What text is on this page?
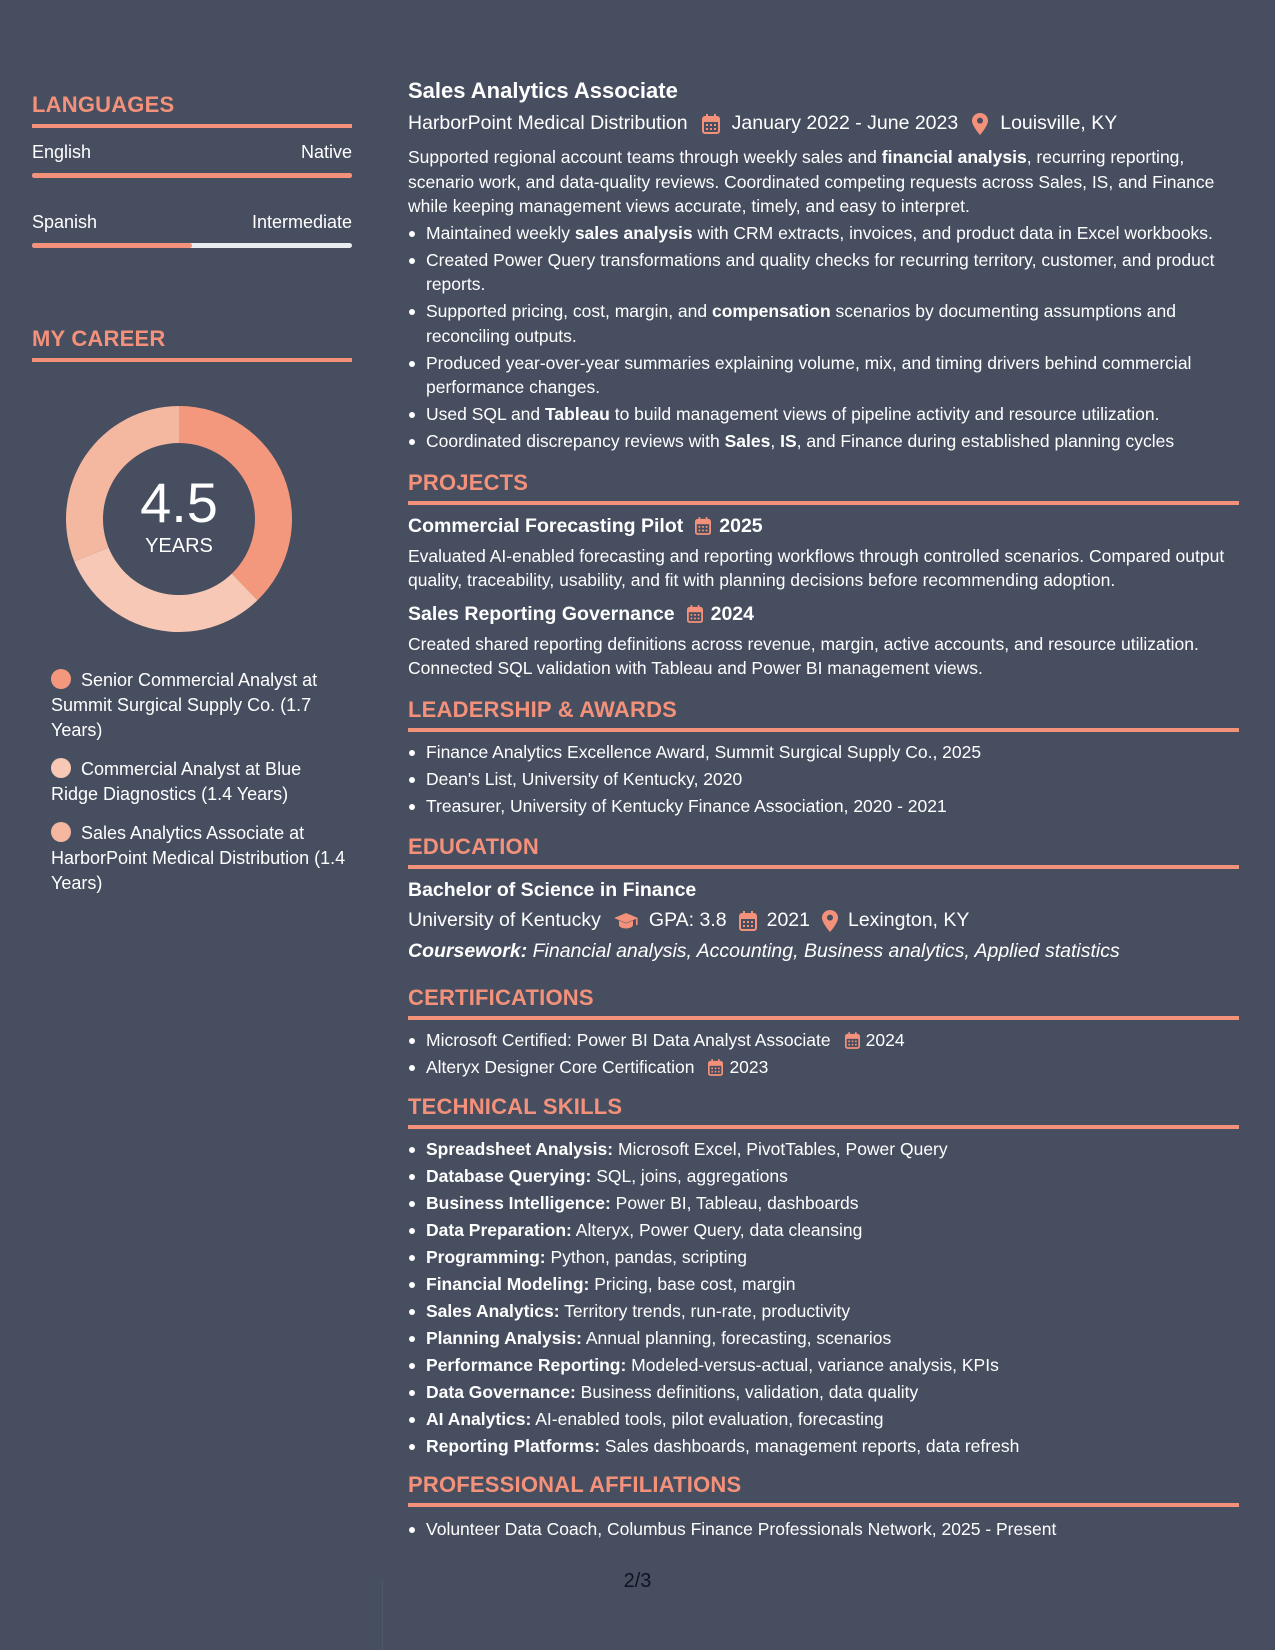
LANGUAGES
English	Native
Spanish	Intermediate
MY CAREER
4.5
YEARS
Senior Commercial Analyst at Summit Surgical Supply Co. (1.7 Years)
Commercial Analyst at Blue Ridge Diagnostics (1.4 Years)
Sales Analytics Associate at HarborPoint Medical Distribution (1.4 Years)
Sales Analytics Associate
HarborPoint Medical Distribution January 2022 - June 2023 Louisville, KY

Supported regional account teams through weekly sales and financial analysis, recurring reporting, scenario work, and data-quality reviews. Coordinated competing requests across Sales, IS, and Finance while keeping management views accurate, timely, and easy to interpret.

Maintained weekly sales analysis with CRM extracts, invoices, and product data in Excel workbooks.
Created Power Query transformations and quality checks for recurring territory, customer, and product reports.
Supported pricing, cost, margin, and compensation scenarios by documenting assumptions and reconciling outputs.
Produced year-over-year summaries explaining volume, mix, and timing drivers behind commercial performance changes.
Used SQL and Tableau to build management views of pipeline activity and resource utilization.
Coordinated discrepancy reviews with Sales, IS, and Finance during established planning cycles
PROJECTS
Commercial Forecasting Pilot 2025

Evaluated AI-enabled forecasting and reporting workflows through controlled scenarios. Compared output quality, traceability, usability, and fit with planning decisions before recommending adoption.

Sales Reporting Governance 2024

Created shared reporting definitions across revenue, margin, active accounts, and resource utilization. Connected SQL validation with Tableau and Power BI management views.

LEADERSHIP & AWARDS
Finance Analytics Excellence Award, Summit Surgical Supply Co., 2025
Dean's List, University of Kentucky, 2020
Treasurer, University of Kentucky Finance Association, 2020 - 2021
EDUCATION
Bachelor of Science in Finance
University of Kentucky GPA: 3.8 2021 Lexington, KY
Coursework: Financial analysis, Accounting, Business analytics, Applied statistics
CERTIFICATIONS
Microsoft Certified: Power BI Data Analyst Associate 2024
Alteryx Designer Core Certification 2023
TECHNICAL SKILLS
Spreadsheet Analysis: Microsoft Excel, PivotTables, Power Query
Database Querying: SQL, joins, aggregations
Business Intelligence: Power BI, Tableau, dashboards
Data Preparation: Alteryx, Power Query, data cleansing
Programming: Python, pandas, scripting
Financial Modeling: Pricing, base cost, margin
Sales Analytics: Territory trends, run-rate, productivity
Planning Analysis: Annual planning, forecasting, scenarios
Performance Reporting: Modeled-versus-actual, variance analysis, KPIs
Data Governance: Business definitions, validation, data quality
AI Analytics: AI-enabled tools, pilot evaluation, forecasting
Reporting Platforms: Sales dashboards, management reports, data refresh
PROFESSIONAL AFFILIATIONS
Volunteer Data Coach, Columbus Finance Professionals Network, 2025 - Present
2/3
